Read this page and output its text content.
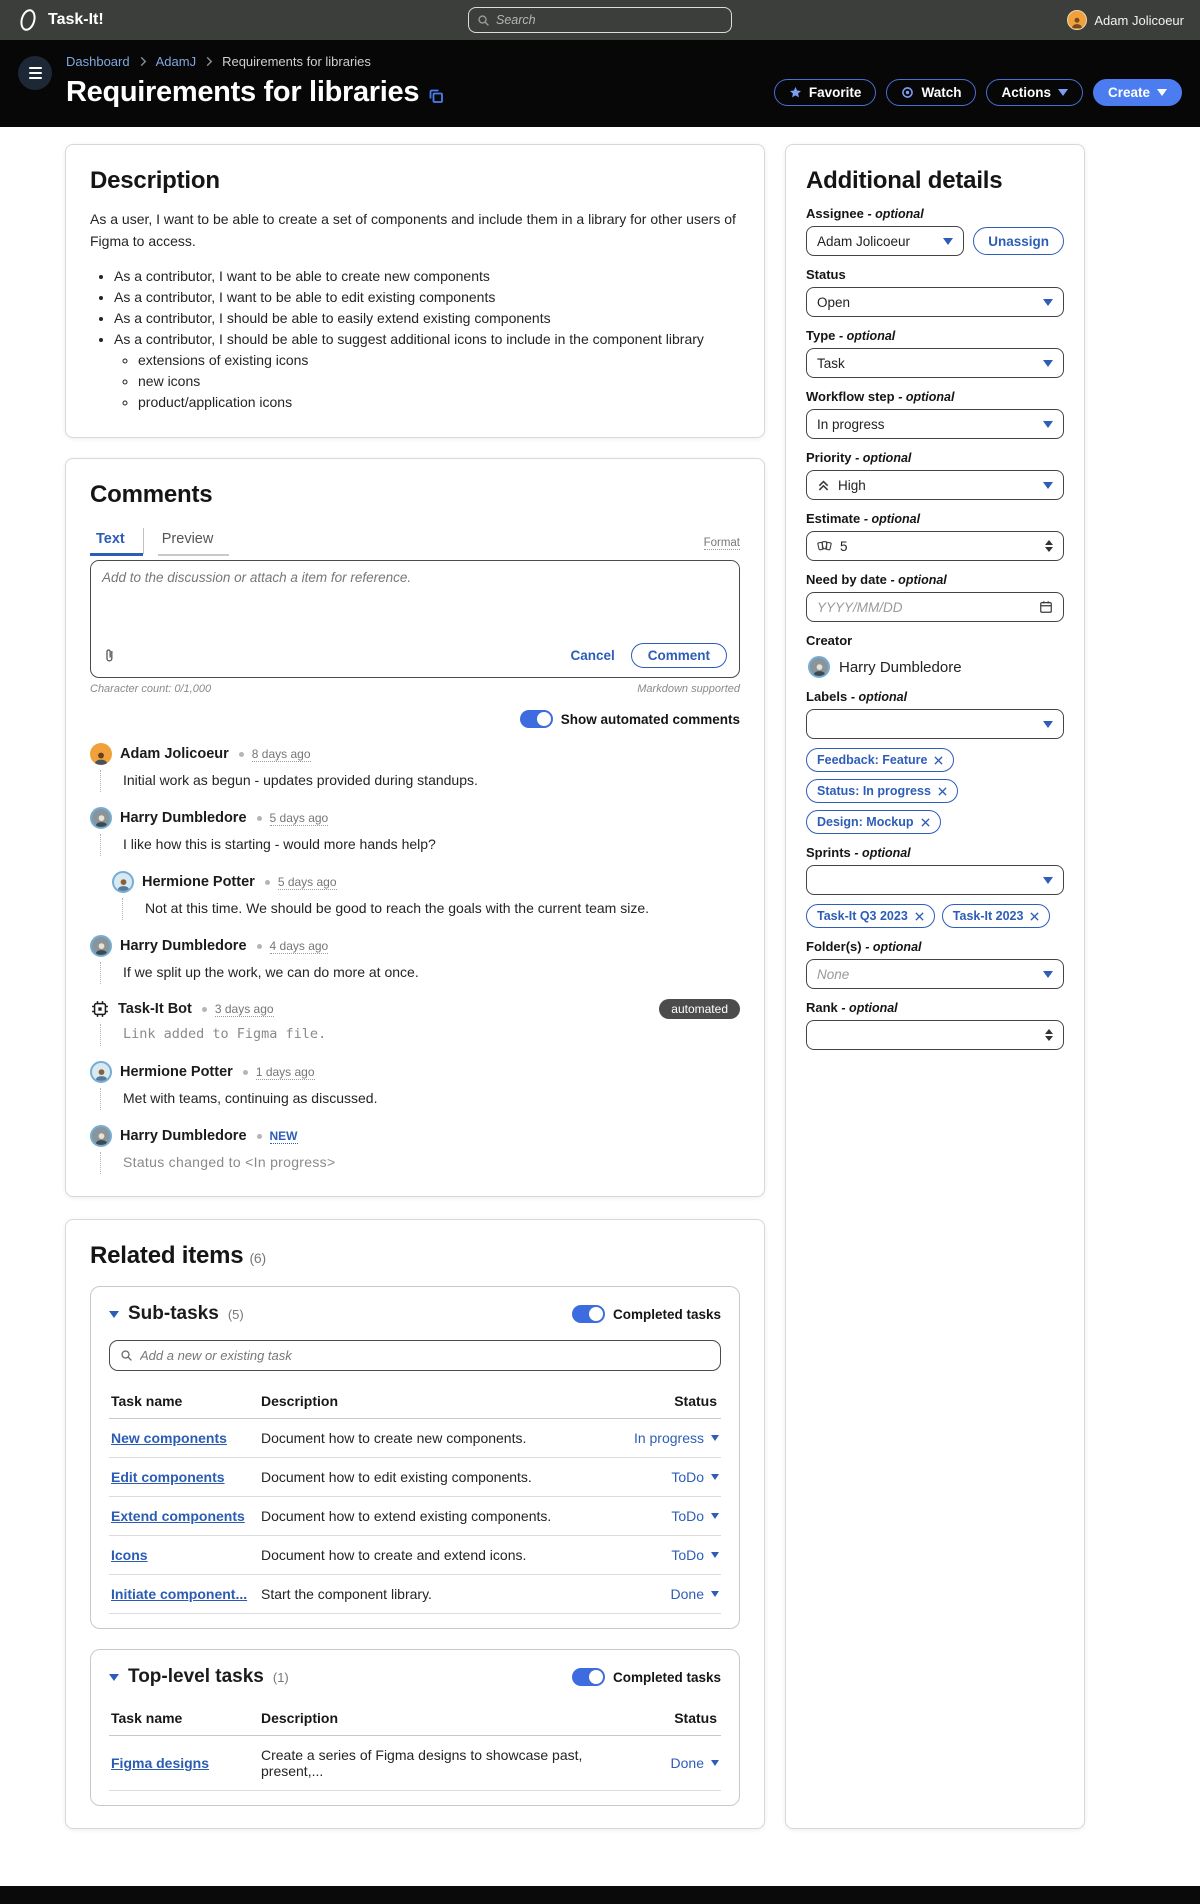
Task-It!
Search	Adam Jolicoeur
Dashboard AdamJ Requirements for libraries
Requirements for libraries	Favorite	Watch	Actions	Create
Description

As a user, I want to be able to create a set of components and include them in a library for other users of Figma to access.

• As a contributor, I want to be able to create new components
• As a contributor, I want to be able to edit existing components
• As a contributor, I should be able to easily extend existing components
• As a contributor, I should be able to suggest additional icons to include in the component library
◦ extensions of existing icons
◦ new icons
◦ product/application icons
Comments
Text	Preview	Format
Add to the discussion or attach a item for reference.
Cancel	Comment
Character count: 0/1,000	Markdown supported
Show automated comments
Adam Jolicoeur 8 days ago
Initial work as begun - updates provided during standups.
Harry Dumbledore 5 days ago
I like how this is starting - would more hands help?
Hermione Potter 5 days ago
Not at this time. We should be good to reach the goals with the current team size.
Harry Dumbledore 4 days ago
If we split up the work, we can do more at once.
Task-It Bot 3 days ago	automated
Link added to Figma file.
Hermione Potter 1 days ago
Met with teams, continuing as discussed.
Harry Dumbledore NEW
Status changed to <In progress>
Related items (6)
Sub-tasks (5)	Completed tasks
Add a new or existing task
Task name	Description	Status
New components	Document how to create new components.	In progress
Edit components	Document how to edit existing components.	ToDo
Extend components	Document how to extend existing components.	ToDo
Icons	Document how to create and extend icons.	ToDo
Initiate component... Start the component library.	Done
Top-level tasks (1)	Completed tasks
Task name	Description	Status
Figma designs	Create a series of Figma designs to showcase past, present,...	Done
Additional details
Assignee - optional
Adam Jolicoeur	Unassign
Status
Open
Type - optional
Task
Workflow step - optional
In progress
Priority - optional
High
Estimate - optional
5
Need by date - optional
YYYY/MM/DD
Creator
Harry Dumbledore
Labels - optional
Feedback: Feature
Status: In progress
Design: Mockup
Sprints - optional
Task-It Q3 2023	Task-It 2023
Folder(s) - optional
None
Rank - optional
